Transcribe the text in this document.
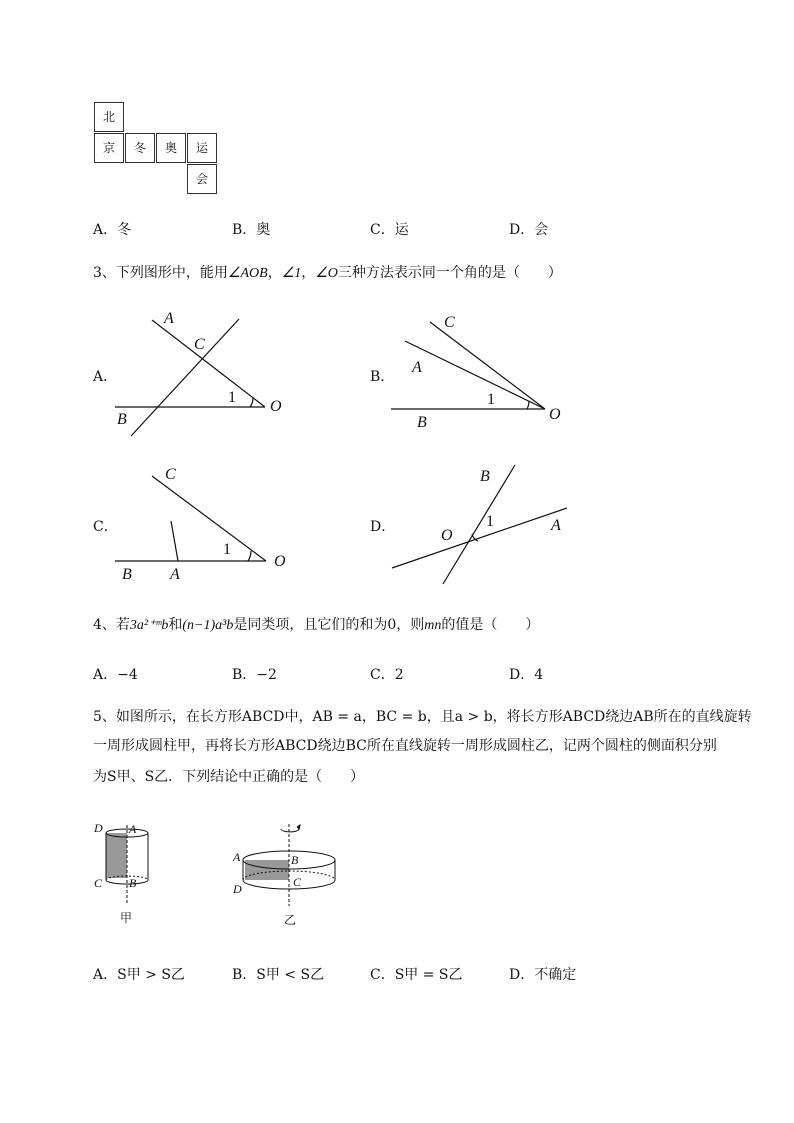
北
京	冬	奥	运
会
A．冬	B．奥	C．运	D．会
3、下列图形中，能用∠AOB，∠1，∠O三种方法表示同一个角的是（　　）
A．	B．
C．	D．
A
C
1
O
B
C
A
1
O
B
C
1
O
B A
B
1	A
O
4、若3a²⁺ᵐb和(n−1)a³b是同类项，且它们的和为0，则mn的值是（　　）
A．−4	B．−2	C．2	D．4
5、如图所示，在长方形ABCD中，AB = a，BC = b，且a > b，将长方形ABCD绕边AB所在的直线旋转
一周形成圆柱甲，再将长方形ABCD绕边BC所在直线旋转一周形成圆柱乙，记两个圆柱的侧面积分别
为S甲、S乙．下列结论中正确的是（　　）
D A
C B
甲
A	B
D	C
乙
A．S甲 > S乙	B．S甲 < S乙	C．S甲 = S乙	D．不确定
